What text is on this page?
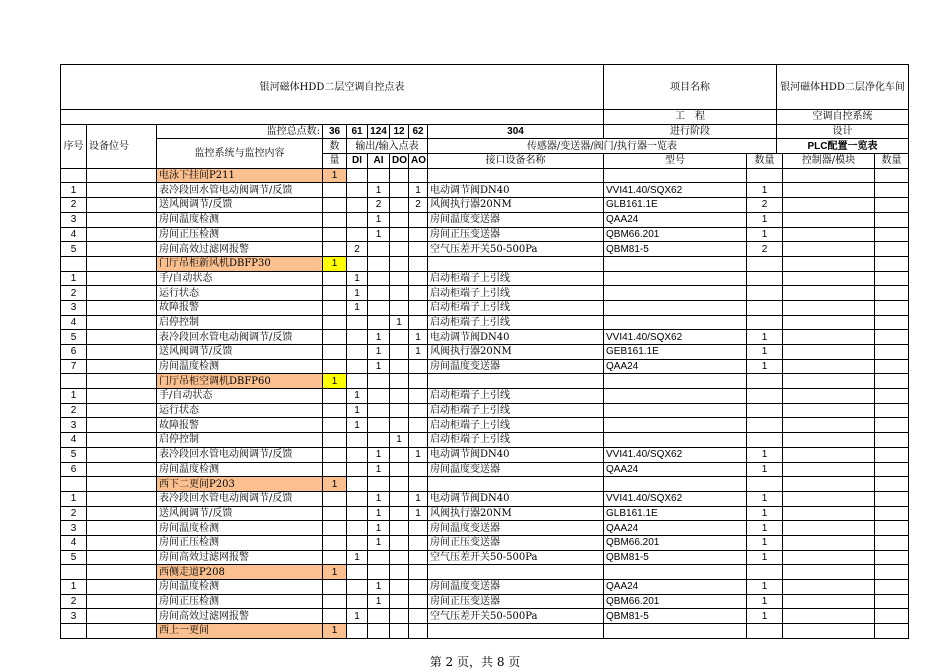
银河磁体HDD二层空调自控点表									项目名称		银河磁体HDD二层净化车间		

									工　程		空调自控系统		
序号	设备位号	监控总点数:	36	61	124	12	62	304	进行阶段		设计		
		监控系统与监控内容	数	输出/输入点表				传感器/变送器/阀门/执行器一览表			PLC配置一览表		
			量	DI	AI	DO	AO	接口设备名称	型号	数量		控制器/模块	数量
		电泳下挂间P211	1										
1		表冷段回水管电动阀调节/反馈			1		1	电动调节阀DN40	VVI41.40/SQX62	1			
2		送风阀调节/反馈			2		2	风阀执行器20NM	GLB161.1E	2			
3		房间温度检测			1			房间温度变送器	QAA24	1			
4		房间正压检测			1			房间正压变送器	QBM66.201	1			
5		房间高效过滤网报警		2				空气压差开关50-500Pa	QBM81-5	2			
		门厅吊柜新风机DBFP30	1										
1		手/自动状态		1				启动柜端子上引线					
2		运行状态		1				启动柜端子上引线					
3		故障报警		1				启动柜端子上引线					
4		启停控制				1		启动柜端子上引线					
5		表冷段回水管电动阀调节/反馈			1		1	电动调节阀DN40	VVI41.40/SQX62	1			
6		送风阀调节/反馈			1		1	风阀执行器20NM	GEB161.1E	1			
7		房间温度检测			1			房间温度变送器	QAA24	1			
		门厅吊柜空调机DBFP60	1										
1		手/自动状态		1				启动柜端子上引线					
2		运行状态		1				启动柜端子上引线					
3		故障报警		1				启动柜端子上引线					
4		启停控制				1		启动柜端子上引线					
5		表冷段回水管电动阀调节/反馈			1		1	电动调节阀DN40	VVI41.40/SQX62	1			
6		房间温度检测			1			房间温度变送器	QAA24	1			
		西下二更间P203	1										
1		表冷段回水管电动阀调节/反馈			1		1	电动调节阀DN40	VVI41.40/SQX62	1			
2		送风阀调节/反馈			1		1	风阀执行器20NM	GLB161.1E	1			
3		房间温度检测			1			房间温度变送器	QAA24	1			
4		房间正压检测			1			房间正压变送器	QBM66.201	1			
5		房间高效过滤网报警		1				空气压差开关50-500Pa	QBM81-5	1			
		西侧走道P208	1										
1		房间温度检测			1			房间温度变送器	QAA24	1			
2		房间正压检测			1			房间正压变送器	QBM66.201	1			
3		房间高效过滤网报警		1				空气压差开关50-500Pa	QBM81-5	1			
		西上一更间	1										
第 2 页，共 8 页
